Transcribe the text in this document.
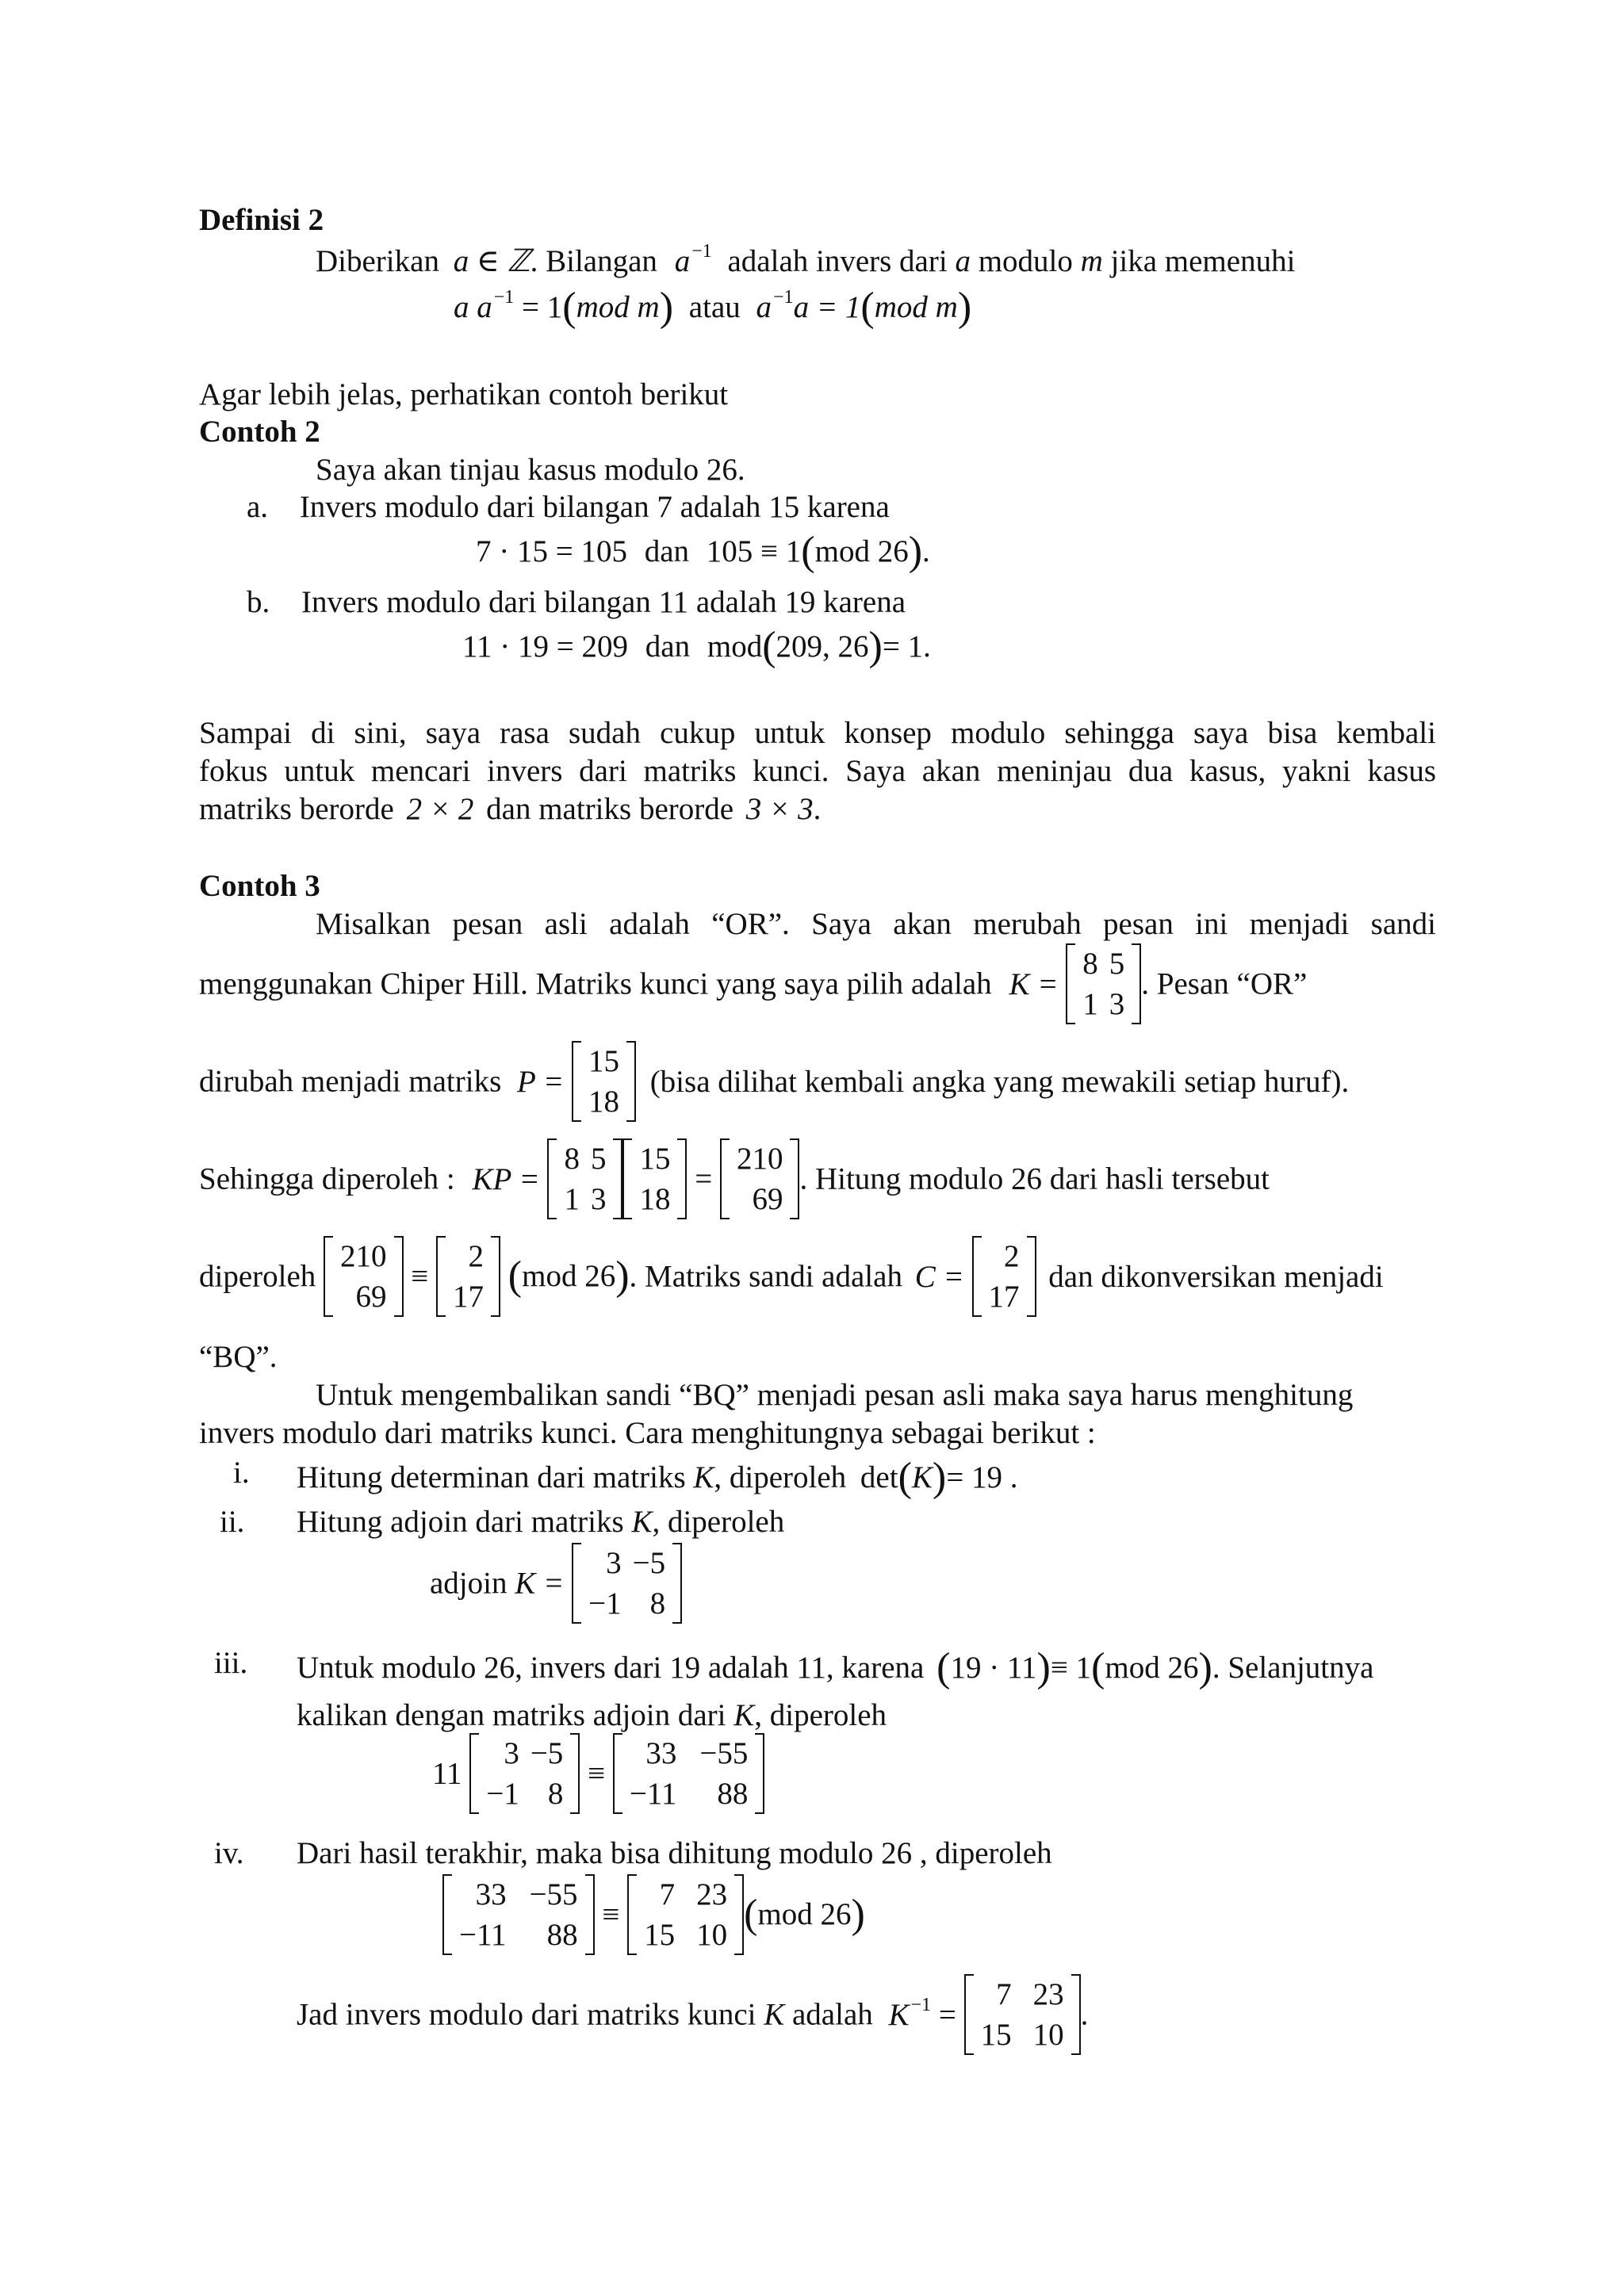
Definisi 2
Diberikan a ∈ ℤ. Bilangan $a^{-1}$ adalah invers dari a modulo m jika memenuhi
a $a^{-1} = 1(mod$ m) atau $a^{-1}a = 1(mod$ m)
Agar lebih jelas, perhatikan contoh berikut
Contoh 2
Saya akan tinjau kasus modulo 26.
a. Invers modulo dari bilangan 7 adalah 15 karena
7 · 15 = 105 dan 105 ≡ 1(mod 26).
b. Invers modulo dari bilangan 11 adalah 19 karena
11 · 19 = 209 dan mod(209, 26)= 1.
Sampai di sini, saya rasa sudah cukup untuk konsep modulo sehingga saya bisa kembali
fokus untuk mencari invers dari matriks kunci. Saya akan meninjau dua kasus, yakni kasus
matriks berorde 2 × 2 dan matriks berorde 3 × 3.
Contoh 3
Misalkan pesan asli adalah “OR”. Saya akan merubah pesan ini menjadi sandi
menggunakan Chiper Hill. Matriks kunci yang saya pilih adalah K =
8	5
1	3
. Pesan “OR”
dirubah menjadi matriks P =
15
18
(bisa dilihat kembali angka yang mewakili setiap huruf).
Sehingga diperoleh : KP =
8	5
1	3
15
18
=
210
69
. Hitung modulo 26 dari hasli tersebut
diperoleh
210
69
≡
2
17 (mod 26). Matriks sandi adalah C =
2
17
dan dikonversikan menjadi
“BQ”.
Untuk mengembalikan sandi “BQ” menjadi pesan asli maka saya harus menghitung
invers modulo dari matriks kunci. Cara menghitungnya sebagai berikut :
i. Hitung determinan dari matriks K, diperoleh det(K)= 19 .
ii. Hitung adjoin dari matriks K, diperoleh
adjoin K =
3	−5
−1	8
iii. Untuk modulo 26, invers dari 19 adalah 11, karena (19 · 11)≡ 1(mod 26). Selanjutnya
kalikan dengan matriks adjoin dari K, diperoleh
11
3	−5
−1	8
≡
33	−55
−11	88
iv. Dari hasil terakhir, maka bisa dihitung modulo 26 , diperoleh
33	−55
−11	88
≡
7	23
15	10 (mod 26)
Jad invers modulo dari matriks kunci K adalah $K^{-1}$ =
7	23
15	10
.
